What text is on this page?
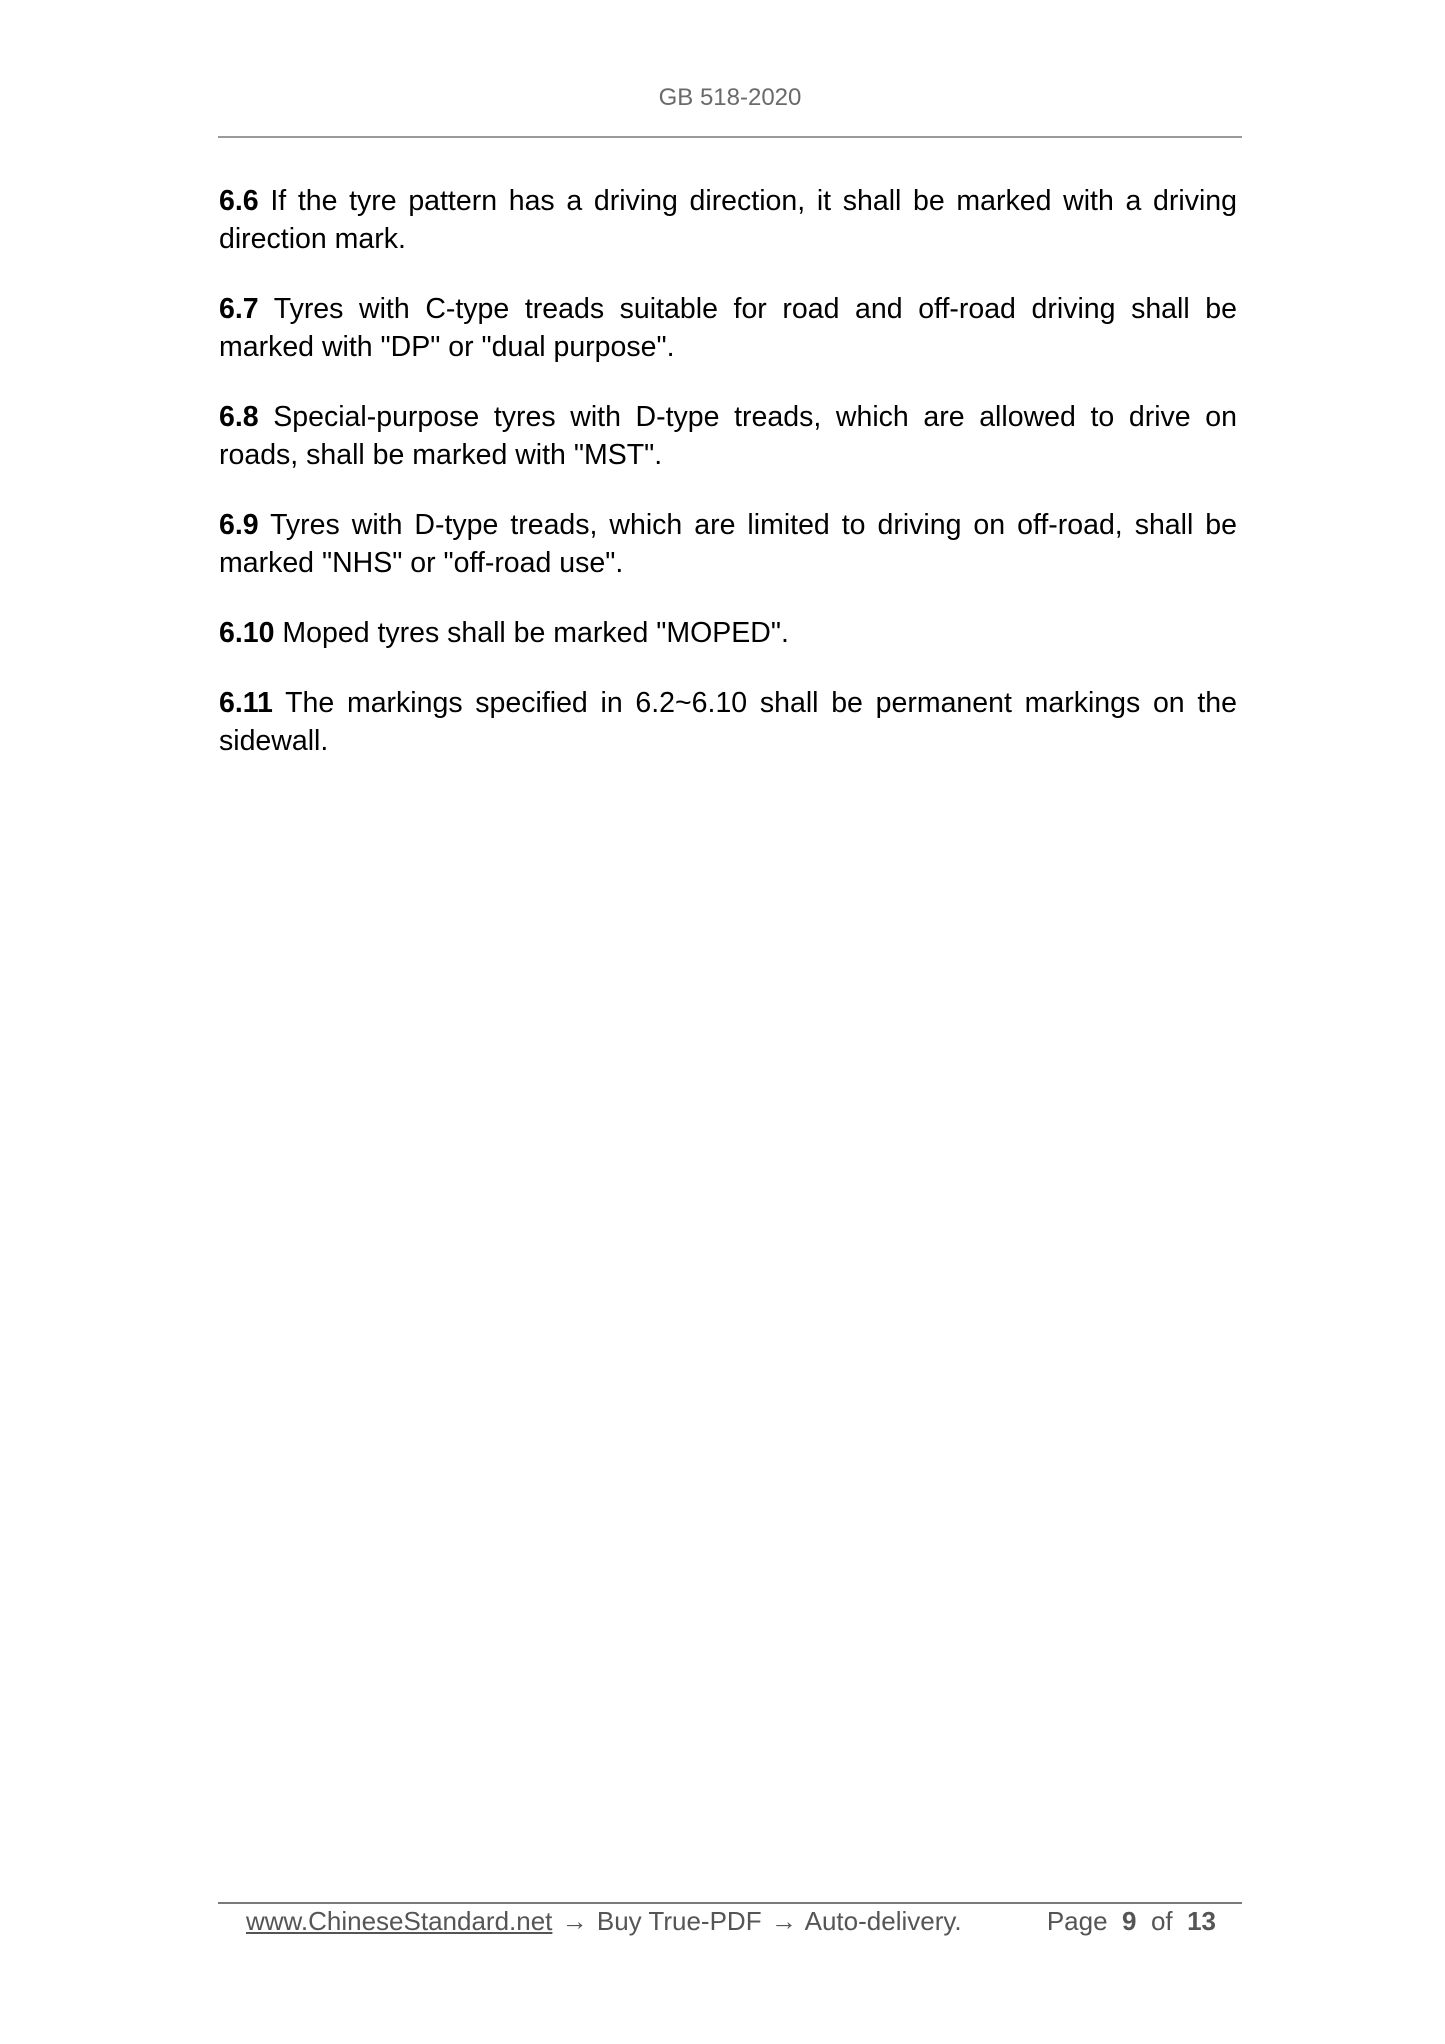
GB 518-2020

6.6 If the tyre pattern has a driving direction, it shall be marked with a driving direction mark.

6.7 Tyres with C-type treads suitable for road and off-road driving shall be marked with "DP" or "dual purpose".

6.8 Special-purpose tyres with D-type treads, which are allowed to drive on roads, shall be marked with "MST".

6.9 Tyres with D-type treads, which are limited to driving on off-road, shall be marked "NHS" or "off-road use".

6.10 Moped tyres shall be marked "MOPED".

6.11 The markings specified in 6.2~6.10 shall be permanent markings on the sidewall.

www.ChineseStandard.net → Buy True-PDF → Auto-delivery.	Page 9 of 13
